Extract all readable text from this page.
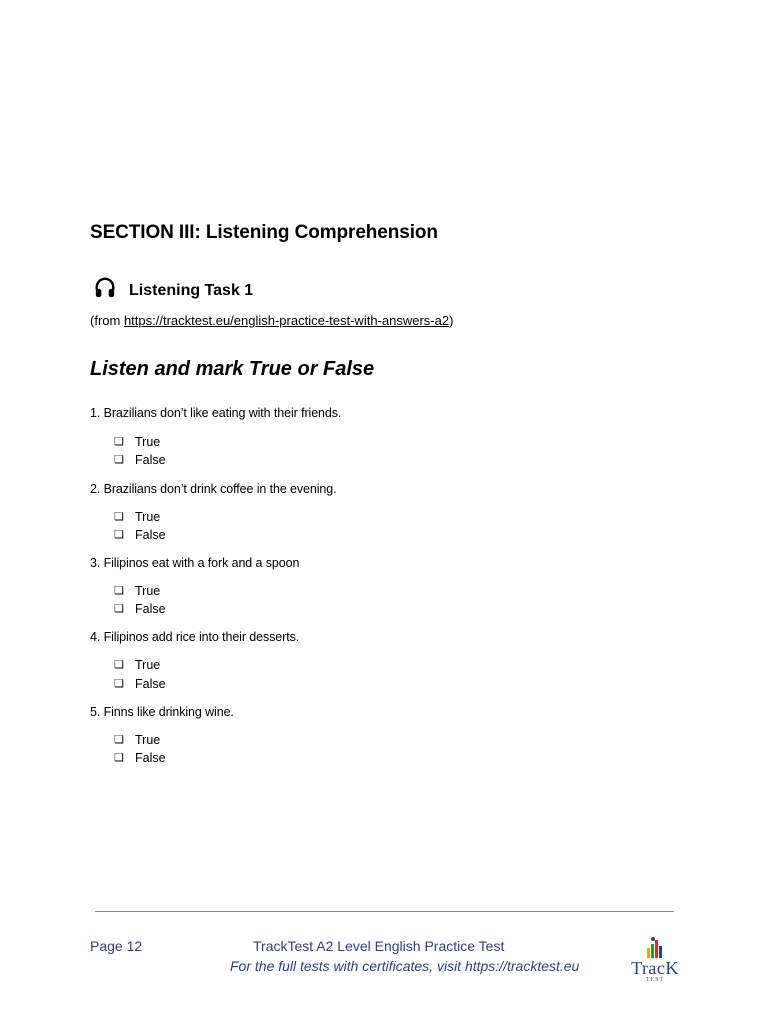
SECTION III: Listening Comprehension
Listening Task 1
(from https://tracktest.eu/english-practice-test-with-answers-a2)
Listen and mark True or False
1. Brazilians don’t like eating with their friends.
❏ True
❏ False
2. Brazilians don’t drink coffee in the evening.
❏ True
❏ False
3. Filipinos eat with a fork and a spoon
❏ True
❏ False
4. Filipinos add rice into their desserts.
❏ True
❏ False
5. Finns like drinking wine.
❏ True
❏ False
Page 12	TrackTest A2 Level English Practice Test
For the full tests with certificates, visit https://tracktest.eu	TracK
TEST
